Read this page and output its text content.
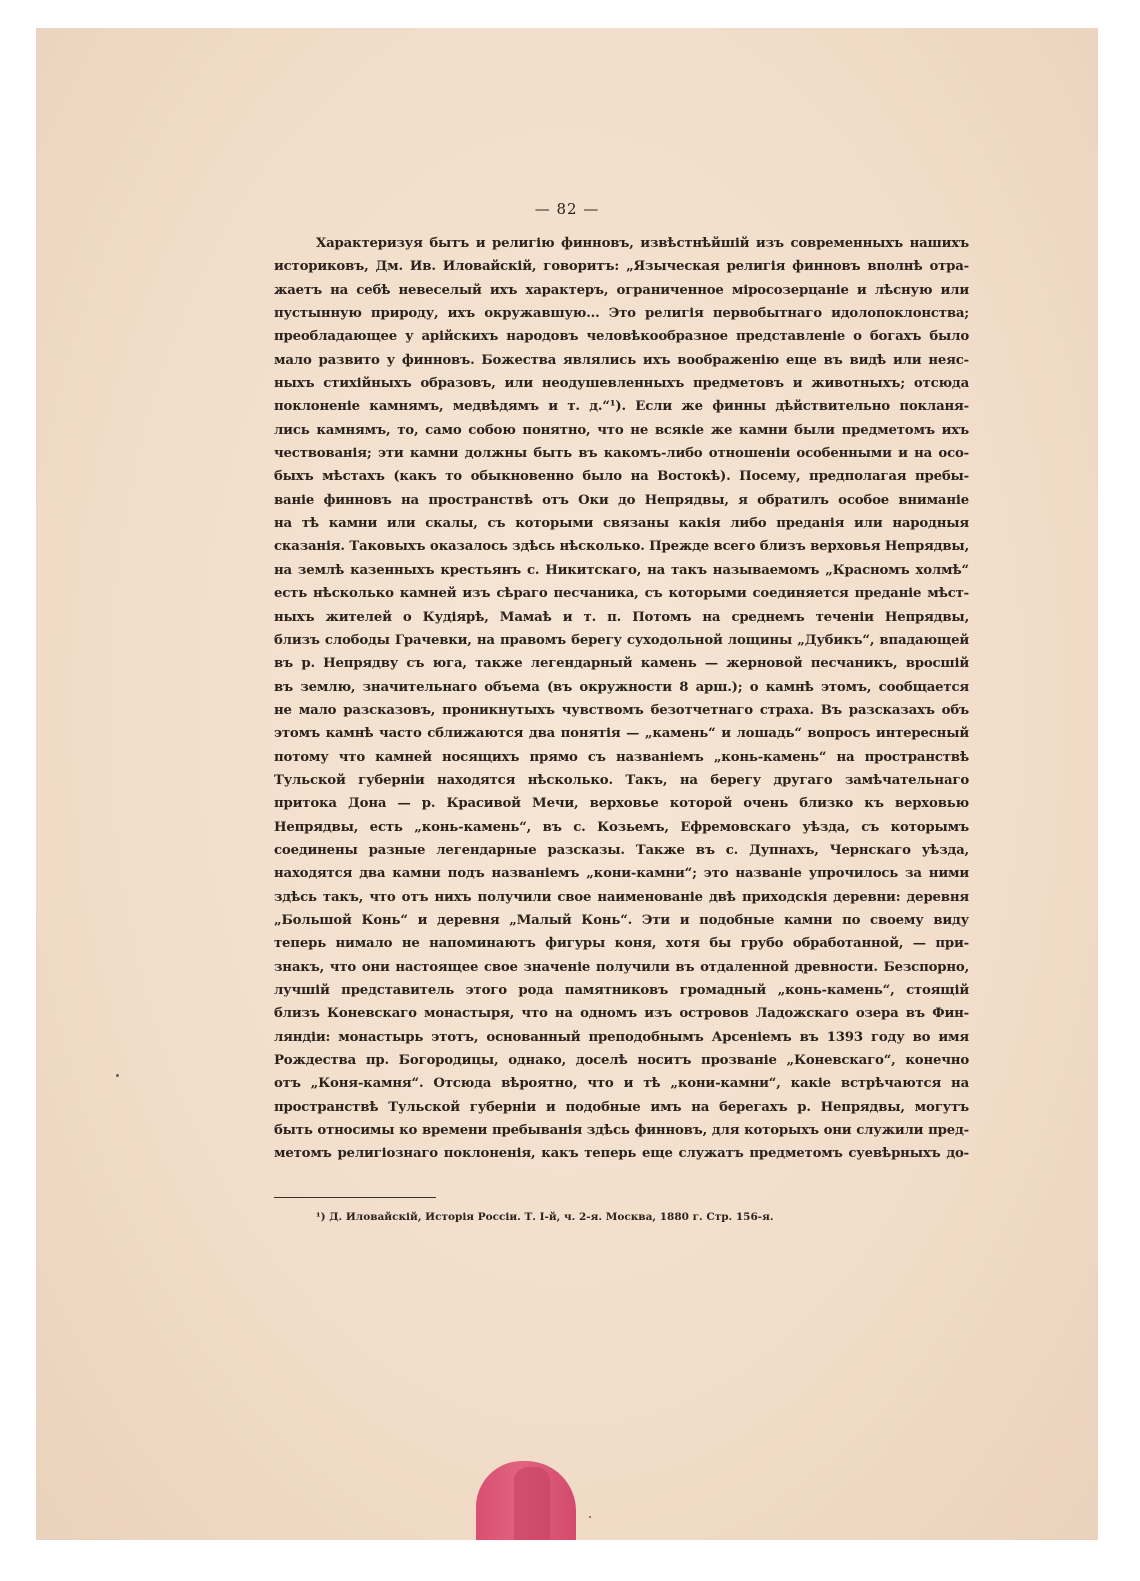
— 82 —
Характеризуя бытъ и религію финновъ, извѣстнѣйшій изъ современныхъ нашихъ
историковъ, Дм. Ив. Иловайскій, говоритъ: „Языческая религія финновъ вполнѣ отра-
жаетъ на себѣ невеселый ихъ характеръ, ограниченное міросозерцаніе и лѣсную или
пустынную природу, ихъ окружавшую... Это религія первобытнаго идолопоклонства;
преобладающее у арійскихъ народовъ человѣкообразное представленіе о богахъ было
мало развито у финновъ. Божества являлись ихъ воображенію еще въ видѣ или неяс-
ныхъ стихійныхъ образовъ, или неодушевленныхъ предметовъ и животныхъ; отсюда
поклоненіе камнямъ, медвѣдямъ и т. д.“¹). Если же финны дѣйствительно покланя-
лись камнямъ, то, само собою понятно, что не всякіе же камни были предметомъ ихъ
чествованія; эти камни должны быть въ какомъ-либо отношеніи особенными и на осо-
быхъ мѣстахъ (какъ то обыкновенно было на Востокѣ). Посему, предполагая пребы-
ваніе финновъ на пространствѣ отъ Оки до Непрядвы, я обратилъ особое вниманіе
на тѣ камни или скалы, съ которыми связаны какія либо преданія или народныя
сказанія. Таковыхъ оказалось здѣсь нѣсколько. Прежде всего близъ верховья Непрядвы,
на землѣ казенныхъ крестьянъ с. Никитскаго, на такъ называемомъ „Красномъ холмѣ“
есть нѣсколько камней изъ сѣраго песчаника, съ которыми соединяется преданіе мѣст-
ныхъ жителей о Кудіярѣ, Мамаѣ и т. п. Потомъ на среднемъ теченіи Непрядвы,
близъ слободы Грачевки, на правомъ берегу суходольной лощины „Дубикъ“, впадающей
въ р. Непрядву съ юга, также легендарный камень — жерновой песчаникъ, вросшій
въ землю, значительнаго объема (въ окружности 8 арш.); о камнѣ этомъ, сообщается
не мало разсказовъ, проникнутыхъ чувствомъ безотчетнаго страха. Въ разсказахъ объ
этомъ камнѣ часто сближаются два понятія — „камень“ и лошадь“ вопросъ интересный
потому что камней носящихъ прямо съ названіемъ „конь-камень“ на пространствѣ
Тульской губерніи находятся нѣсколько. Такъ, на берегу другаго замѣчательнаго
притока Дона — р. Красивой Мечи, верховье которой очень близко къ верховью
Непрядвы, есть „конь-камень“, въ с. Козьемъ, Ефремовскаго уѣзда, съ которымъ
соединены разные легендарные разсказы. Также въ с. Дупнахъ, Чернскаго уѣзда,
находятся два камни подъ названіемъ „кони-камни“; это названіе упрочилось за ними
здѣсь такъ, что отъ нихъ получили свое наименованіе двѣ приходскія деревни: деревня
„Большой Конь“ и деревня „Малый Конь“. Эти и подобные камни по своему виду
теперь нимало не напоминаютъ фигуры коня, хотя бы грубо обработанной, — при-
знакъ, что они настоящее свое значеніе получили въ отдаленной древности. Безспорно,
лучшій представитель этого рода памятниковъ громадный „конь-камень“, стоящій
близъ Коневскаго монастыря, что на одномъ изъ островов Ладожскаго озера въ Фин-
ляндіи: монастырь этотъ, основанный преподобнымъ Арсеніемъ въ 1393 году во имя
Рождества пр. Богородицы, однако, доселѣ носитъ прозваніе „Коневскаго“, конечно
отъ „Коня-камня“. Отсюда вѣроятно, что и тѣ „кони-камни“, какіе встрѣчаются на
пространствѣ Тульской губерніи и подобные имъ на берегахъ р. Непрядвы, могутъ
быть относимы ко времени пребыванія здѣсь финновъ, для которыхъ они служили пред-
метомъ религіознаго поклоненія, какъ теперь еще служатъ предметомъ суевѣрныхъ до-
¹) Д. Иловайскій, Исторія Россіи. Т. I-й, ч. 2-я. Москва, 1880 г. Стр. 156-я.
